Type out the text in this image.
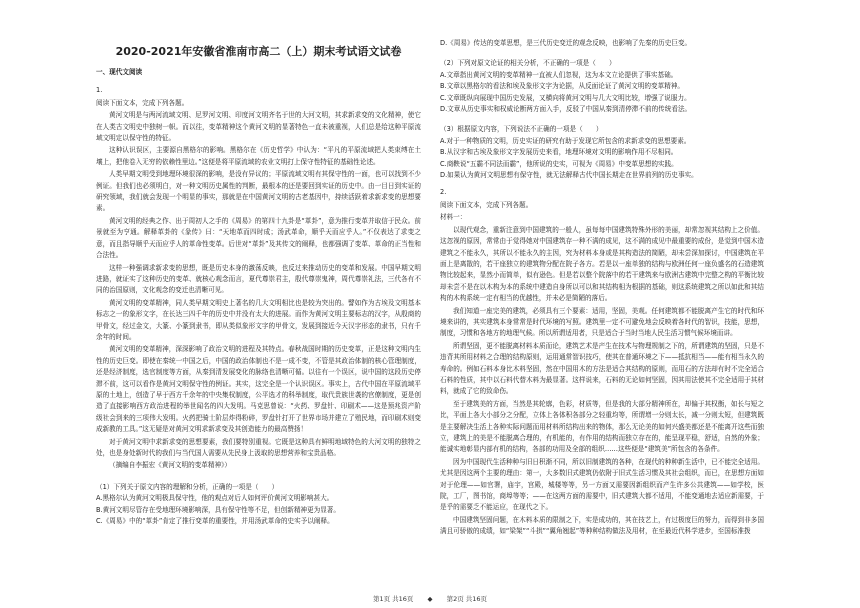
2020-2021年安徽省淮南市高二（上）期末考试语文试卷
一、现代文阅读

1.

阅读下面文本，完成下列各题。

黄河文明是与两河流域文明、尼罗河文明、印度河文明齐名于世的大河文明，其求新求变的文化精神，使它在人类古文明史中独树一帜。而以往，变革精神这个黄河文明的显著特色一直未被重视，人们总是给这种平原流域文明定以保守性的特征。

这种认识误区，主要源自黑格尔的影响。黑格尔在《历史哲学》中认为：“平凡的平原流域把人类束缚在土壤上，把他卷入无穷的依赖性里边。”这便是将平原流域的农业文明打上保守性特征的基础性论述。

人类早期文明受到地理环境很深的影响，是没有异议的；平原流域文明有其保守性的一面，也可以找到不少例证。但我们也必须明白，对一种文明历史属性的判断，最根本的还是要回到实证的历史中。由一目日到实证的研究领域，我们就会发现一个明显的事实，那就是在中国黄河文明的古老基因中，持续活跃着求新求变的思想要素。

黄河文明的经典之作、出于周初人之手的《周易》的第四十九卦是“革卦”，意为推行变革并取信于民众。前景就至为亨通。解释革卦的《彖传》曰：“天地革而四时成；汤武革命，顺乎天而应乎人。”不仅表达了求变之意，而且指导顺乎天而应乎人的革命性变革。后世对“革卦”及其传文的阐释，也都强调了变革、革命的正当性和合法性。

这样一种强调求新求变的思想，既是历史本身的激荡反映，也反过来推动历史的变革和发展。中国早期文明进路，就证实了这种历史的变革、就核心观念而言，夏代尊崇君主，殷代尊崇鬼神，周代尊崇礼法，三代各有不同的治国原则，文化观念的变迁也清晰可见。

黄河文明的变革精神，同人类早期文明史上著名的几大文明相比也是较为突出的。譬如作为古埃及文明基本标志之一的象形文字，在长达三四千年的历史中并没有太大的进展。而作为黄河文明主要标志的汉字，从殷商的甲骨文，经过金文，大篆、小篆到隶书，即从类似象形文字的甲骨文，发展到接近今天汉字形态的隶书，只有千余年的时间。

黄河文明的变革精神，深深影响了政治文明的进程及其特点。春秋战国时期的历史变革，正是这种文明内生性的历史巨变。即使在秦统一中国之后，中国的政治体制也不是一成不变，不管是其政治体制的核心管理制度，还是经济制度，选官制度等方面，从秦到清发展变化的脉络也清晰可循。以往有一个误区，说中国的这段历史停滞不前，这可以看作是黄河文明保守性的例证。其实，这完全是一个认识误区。事实上，古代中国在平原流域平原的土地上，创造了早于西方千余年的中央集权制度，公平选才的科举制度，取代贵族世袭的官僚制度，更是创造了直接影响西方政治进程的举世闻名的四大发明。马克思曾说：“火药、罗盘针、印刷术——这是预兆资产阶级社会到来的三项伟大发明。火药把骑士阶层炸得粉碎，罗盘针打开了世界市场并建立了殖民地，而印刷术则变成新教的工具。”这无疑是对黄河文明求新求变及其创造能力的最高赞扬！

对于黄河文明中求新求变的思想要素，我们要特别重视。它既是这种具有鲜明地域特色的大河文明的独特之处，也是身处新时代的我们与当代国人需要从先民身上汲取的思想营养和宝贵品格。

（摘编自李振宏《黄河文明的变革精神》）

（1）下列关于原文内容的理解和分析，正确的一项是（　　）

A.黑格尔认为黄河文明极具保守性，他的观点对后人如何评价黄河文明影响甚大。

B.黄河文明尽管存在受地理环境影响深，具有保守性等不足，但创新精神更为显著。

C.《周易》中的“革卦”肯定了推行变革的重要性，并用汤武革命的史实予以阐释。

D.《周易》传达的变革思想，是三代历史变迁的观念反映，也影响了先秦的历史巨变。

（2）下列对原文论证的相关分析，不正确的一项是（　　）

A.文章指出黄河文明的变革精神一直被人们忽视，这为本文立论提供了事实基础。

B.文章以黑格尔的看法和埃及象形文字为论据，从反面论证了黄河文明的变革精神。

C.文章既纵向展现中国历史发展，又横向将黄河文明与几大文明比较，增强了说服力。

D.文章从历史事实和权威论断两方面入手，反驳了中国从秦到清停滞不前的传统看法。

（3）根据原文内容，下列说法不正确的一项是（　　）

A.对于一种物质的文明，历史实证的研究有助于发现它所包含的求新求变的思想要素。

B.从汉字和古埃及象形文字发展历史来看，地理环境对文明的影响作用不尽相同。

C.商鞅说“五霸不同法而霸”，他所说的史实，可视为《周易》中变革思想的实践。

D.如果认为黄河文明思想有保守性，就无法解释古代中国长期走在世界前列的历史事实。

2.

阅读下面文本，完成下列各题。

材料一：

以现代观念，重新注意到中国建筑的一般人，虽每每中国建筑特殊外形的美丽，却常忽视其结构上之价值。这忽视的原因，常常由于觉得她对中国建筑存一种不满的成见，这不满的成见中最重要的成份，是觉到中国木造建筑之不能永久，其所以不能永久的主因，究为材料本身或是其构造法的简陋，却未尝深加探讨，中国建筑在平面上是离散的，若干座独立的建筑物分配在院子各方。若是以一座单独的结构与欧洲任何一座负盛名的石造建筑物比较起来，显然小而简单，似有逊色。但是若以整个院落中的若干建筑来与欧洲古建筑中完整之构的平衡比较却未尝不是在以木构为本的系统中建造自身所以可以和其结构相为根据的基础，则这系统建筑之所以如此和其结构的木构系统一定有相当的优越性，并未必是简陋的落后。

我们知道一座完美的建筑，必须具有三个要素：适用，坚固，美观。任何建筑都不能脱离产生它的时代和环境来讲的，其实建筑本身常常是时代环境的写照。建筑里一定不可避免地会反映着各时代的智识，技能，思想，制度，习惯和各地方的地理气候。所以所谓适用者，只是适合于当时当地人民生活习惯气候环境而讲。

所谓坚固，更不能脱离材料本质而论，建筑艺术是产生在技术与物理规制之下的，所谓建筑的坚固，只是不违背其所用材料之合理的结构原则，运用通常智识技巧，使其在普通环境之下——抵抗相当——能有相当永久的寿命的。例如石料本身比木料坚固，然在中国用木的方法是适合其结构的原则，而用石的方法却有时不完全适合石料的性质，其中以石料代替木料为最显著。这样说来，石料的无论如何坚固，因其用法使其不完全适用于其材料，就成了它的致命伤。

至于建筑美的方面，当然是其轮廓，色彩，材质等，但是我的大部分精神所在，却偏于其权衡，如长与短之比，平面上各大小部分之分配，立体上各体积各部分之轻重均等，所谓增一分则太长，减一分则太短，但建筑既是主要解决生活上各种实际问题而用材料所结构出来的物体，那么无论美的如何兴盛美都还是不能离开这些而独立，建筑上的美是不能脱离合理的，有机能的，有作用的结构而独立存在的，能呈现平稳，舒适，自然的外象；能诚实地彰显内部有机的结构，各部的功用及全部的组织……这些便是“建筑美”所包含的各条件。

因为中国现代生活种种与旧日积渐不同，所以旧制建筑的各种，在现代的种种新生活中，已不能完全适用。尤其是因这两个主要的理由：第一，大多数旧式建筑仍依附于旧式生活习惯及其社会组织，而已，在思想方面如对于伦理——如官署，庙宇，宫殿，城楼等等，另一方面又需要因新组织而产生许多公共建筑——如学校，医院，工厂，图书馆，商埠等等；——在这两方面的需要中，旧式建筑大都不适用，不能变通地去适应新需要，于是乎的需要乏不能运应，在现代之下。

中国建筑坚固问题，在木料本质的限制之下，实是成功的，其在技艺上，有过极度巨的努力，而得到非多国满且可骄傲的成绩，如“梁架”“斗拱”“翼角翘起”等种种结构做法及用材，在至最近代科学进步，至国标准拨

第1页 共16页 ◆ 第2页 共16页
